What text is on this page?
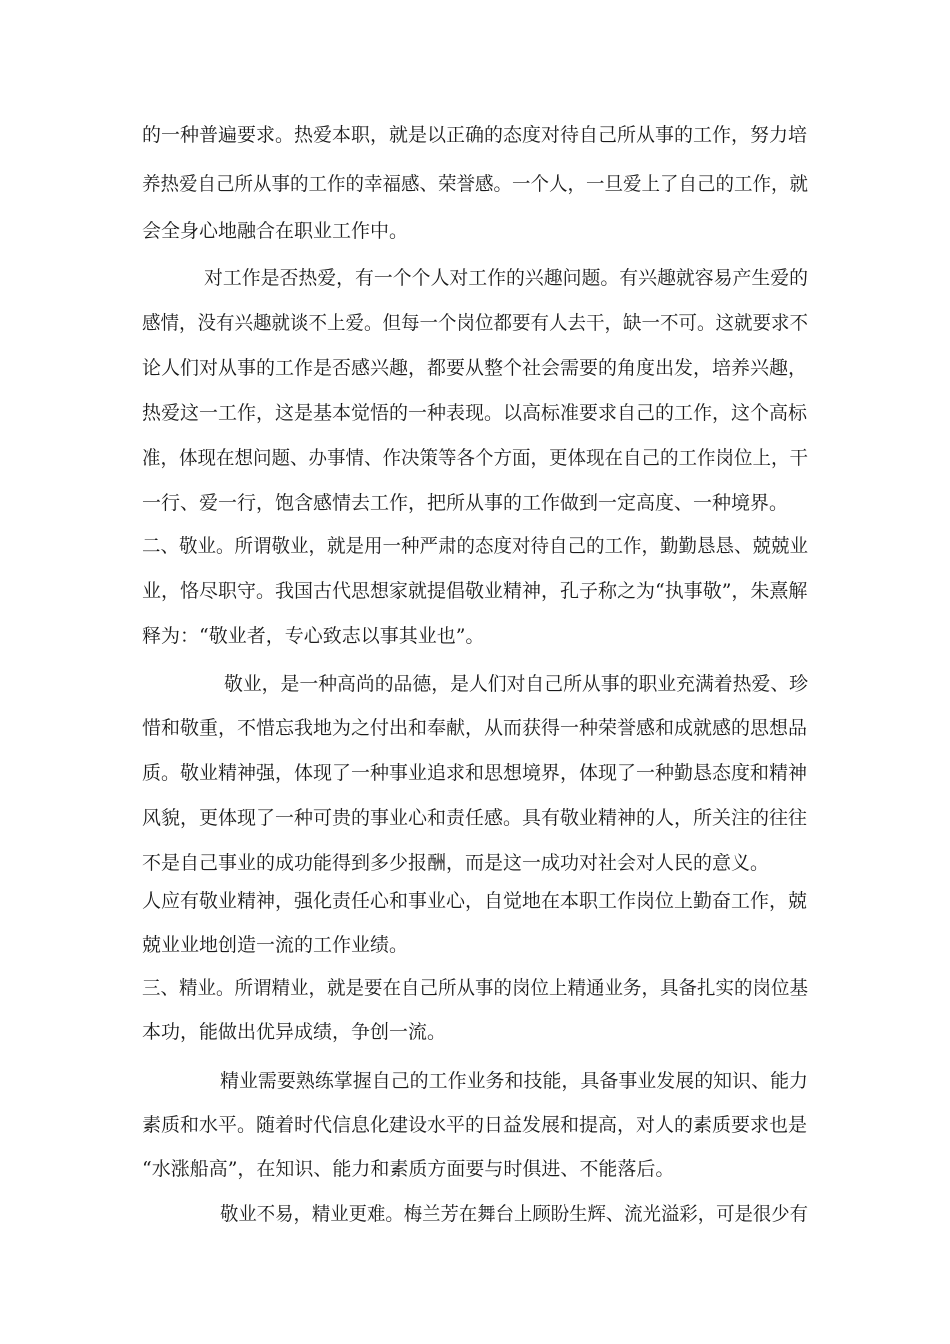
的一种普遍要求。热爱本职，就是以正确的态度对待自己所从事的工作，努力培
养热爱自己所从事的工作的幸福感、荣誉感。一个人，一旦爱上了自己的工作，就
会全身心地融合在职业工作中。
对工作是否热爱，有一个个人对工作的兴趣问题。有兴趣就容易产生爱的
感情，没有兴趣就谈不上爱。但每一个岗位都要有人去干，缺一不可。这就要求不
论人们对从事的工作是否感兴趣，都要从整个社会需要的角度出发，培养兴趣，
热爱这一工作，这是基本觉悟的一种表现。以高标准要求自己的工作，这个高标
准，体现在想问题、办事情、作决策等各个方面，更体现在自己的工作岗位上，干
一行、爱一行，饱含感情去工作，把所从事的工作做到一定高度、一种境界。
二、敬业。所谓敬业，就是用一种严肃的态度对待自己的工作，勤勤恳恳、兢兢业
业，恪尽职守。我国古代思想家就提倡敬业精神，孔子称之为“执事敬”，朱熹解
释为：“敬业者，专心致志以事其业也”。
敬业，是一种高尚的品德，是人们对自己所从事的职业充满着热爱、珍
惜和敬重，不惜忘我地为之付出和奉献，从而获得一种荣誉感和成就感的思想品
质。敬业精神强，体现了一种事业追求和思想境界，体现了一种勤恳态度和精神
风貌，更体现了一种可贵的事业心和责任感。具有敬业精神的人，所关注的往往
不是自己事业的成功能得到多少报酬，而是这一成功对社会对人民的意义。
人应有敬业精神，强化责任心和事业心，自觉地在本职工作岗位上勤奋工作，兢
兢业业地创造一流的工作业绩。
三、精业。所谓精业，就是要在自己所从事的岗位上精通业务，具备扎实的岗位基
本功，能做出优异成绩，争创一流。
精业需要熟练掌握自己的工作业务和技能，具备事业发展的知识、能力
素质和水平。随着时代信息化建设水平的日益发展和提高，对人的素质要求也是
“水涨船高”，在知识、能力和素质方面要与时俱进、不能落后。
敬业不易，精业更难。梅兰芳在舞台上顾盼生辉、流光溢彩，可是很少有
